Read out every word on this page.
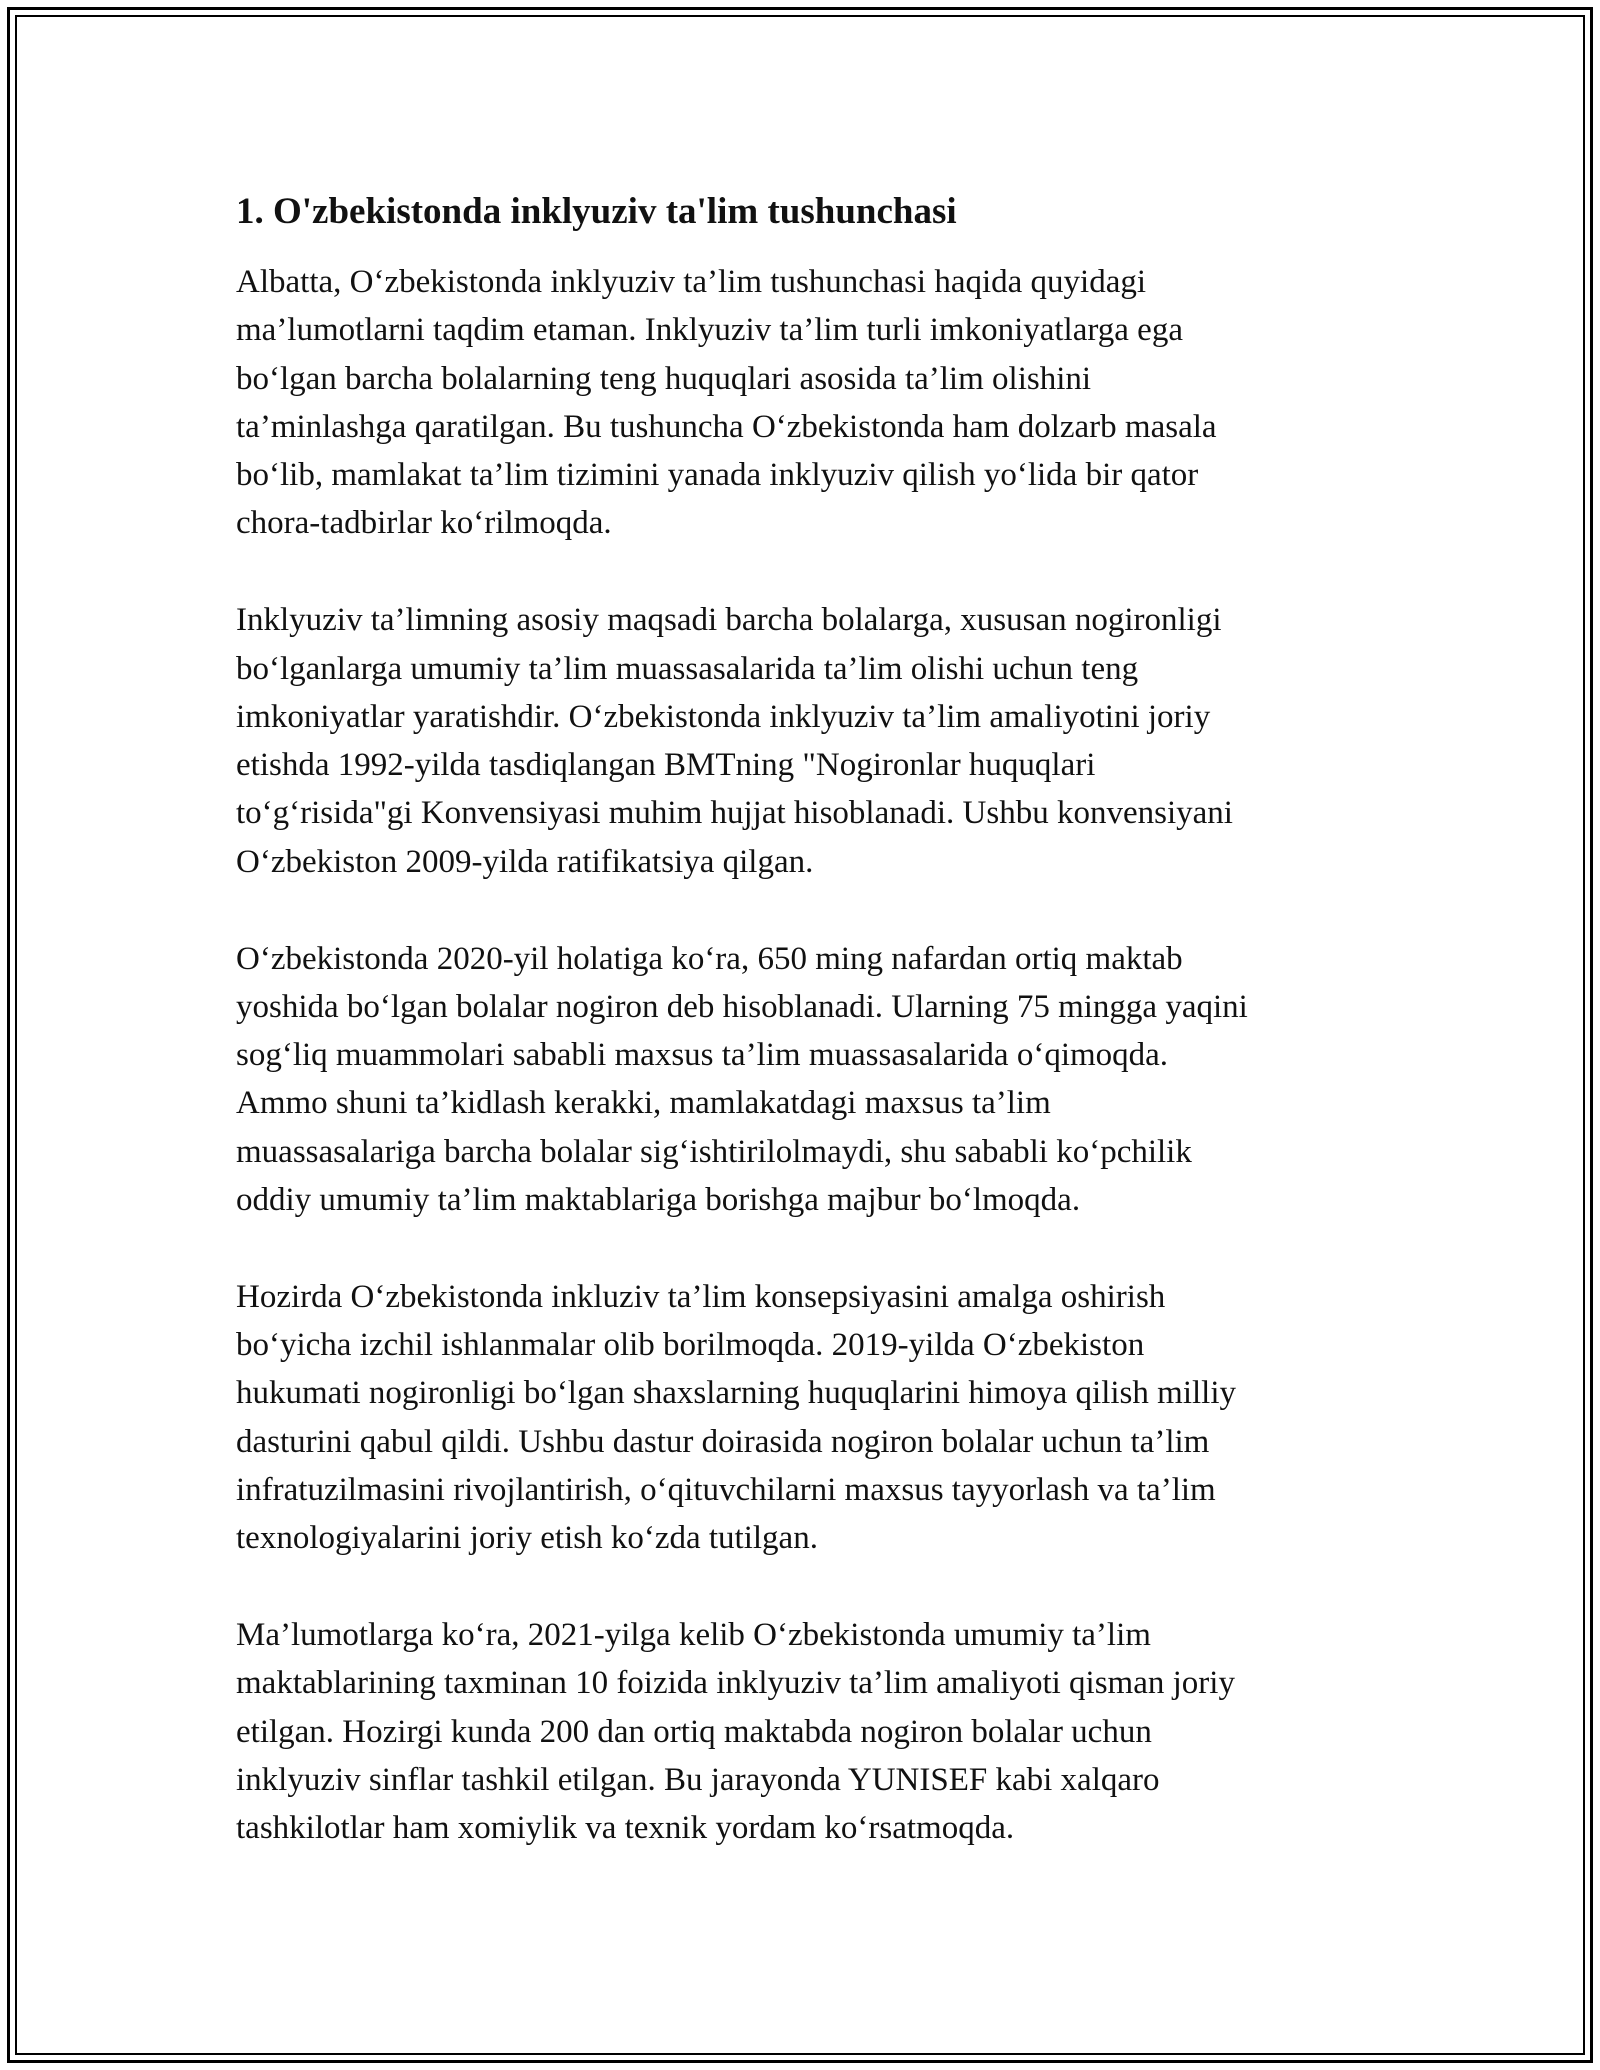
1. O'zbekistonda inklyuziv ta'lim tushunchasi
Albatta, O‘zbekistonda inklyuziv ta’lim tushunchasi haqida quyidagi
ma’lumotlarni taqdim etaman. Inklyuziv ta’lim turli imkoniyatlarga ega
bo‘lgan barcha bolalarning teng huquqlari asosida ta’lim olishini
ta’minlashga qaratilgan. Bu tushuncha O‘zbekistonda ham dolzarb masala
bo‘lib, mamlakat ta’lim tizimini yanada inklyuziv qilish yo‘lida bir qator
chora-tadbirlar ko‘rilmoqda.
Inklyuziv ta’limning asosiy maqsadi barcha bolalarga, xususan nogironligi
bo‘lganlarga umumiy ta’lim muassasalarida ta’lim olishi uchun teng
imkoniyatlar yaratishdir. O‘zbekistonda inklyuziv ta’lim amaliyotini joriy
etishda 1992-yilda tasdiqlangan BMTning "Nogironlar huquqlari
to‘g‘risida"gi Konvensiyasi muhim hujjat hisoblanadi. Ushbu konvensiyani
O‘zbekiston 2009-yilda ratifikatsiya qilgan.
O‘zbekistonda 2020-yil holatiga ko‘ra, 650 ming nafardan ortiq maktab
yoshida bo‘lgan bolalar nogiron deb hisoblanadi. Ularning 75 mingga yaqini
sog‘liq muammolari sababli maxsus ta’lim muassasalarida o‘qimoqda.
Ammo shuni ta’kidlash kerakki, mamlakatdagi maxsus ta’lim
muassasalariga barcha bolalar sig‘ishtirilolmaydi, shu sababli ko‘pchilik
oddiy umumiy ta’lim maktablariga borishga majbur bo‘lmoqda.
Hozirda O‘zbekistonda inkluziv ta’lim konsepsiyasini amalga oshirish
bo‘yicha izchil ishlanmalar olib borilmoqda. 2019-yilda O‘zbekiston
hukumati nogironligi bo‘lgan shaxslarning huquqlarini himoya qilish milliy
dasturini qabul qildi. Ushbu dastur doirasida nogiron bolalar uchun ta’lim
infratuzilmasini rivojlantirish, o‘qituvchilarni maxsus tayyorlash va ta’lim
texnologiyalarini joriy etish ko‘zda tutilgan.
Ma’lumotlarga ko‘ra, 2021-yilga kelib O‘zbekistonda umumiy ta’lim
maktablarining taxminan 10 foizida inklyuziv ta’lim amaliyoti qisman joriy
etilgan. Hozirgi kunda 200 dan ortiq maktabda nogiron bolalar uchun
inklyuziv sinflar tashkil etilgan. Bu jarayonda YUNISEF kabi xalqaro
tashkilotlar ham xomiylik va texnik yordam ko‘rsatmoqda.
